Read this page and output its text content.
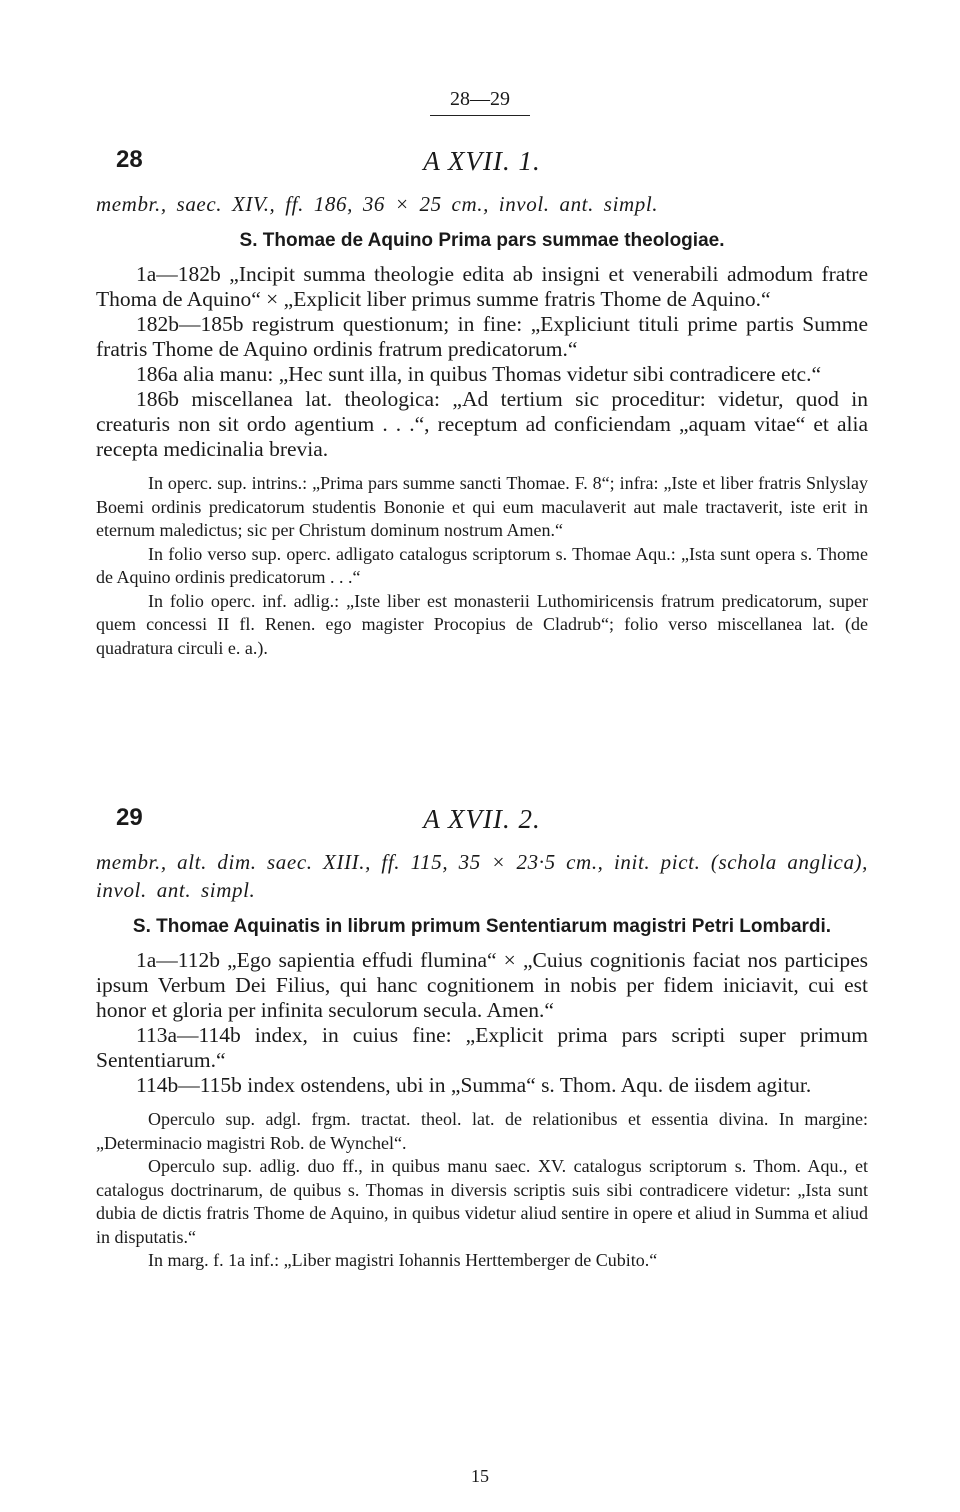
28—29
28	A XVII. 1.
membr., saec. XIV., ff. 186, 36 × 25 cm., invol. ant. simpl.
S. Thomae de Aquino Prima pars summae theologiae.

1a—182b „Incipit summa theologie edita ab insigni et venerabili admodum fratre Thoma de Aquino“ × „Explicit liber primus summe fratris Thome de Aquino.“

182b—185b registrum questionum; in fine: „Expliciunt tituli prime partis Summe fratris Thome de Aquino ordinis fratrum predicatorum.“

186a alia manu: „Hec sunt illa, in quibus Thomas videtur sibi contradicere etc.“

186b miscellanea lat. theologica: „Ad tertium sic proceditur: videtur, quod in creaturis non sit ordo agentium . . .“, receptum ad conficiendam „aquam vitae“ et alia recepta medicinalia brevia.

In operc. sup. intrins.: „Prima pars summe sancti Thomae. F. 8“; infra: „Iste et liber fratris Snlyslay Boemi ordinis predicatorum studentis Bononie et qui eum maculaverit aut male tractaverit, iste erit in eternum maledictus; sic per Christum dominum nostrum Amen.“

In folio verso sup. operc. adligato catalogus scriptorum s. Thomae Aqu.: „Ista sunt opera s. Thome de Aquino ordinis predicatorum . . .“

In folio operc. inf. adlig.: „Iste liber est monasterii Luthomiricensis fratrum predicatorum, super quem concessi II fl. Renen. ego magister Procopius de Cladrub“; folio verso miscellanea lat. (de quadratura circuli e. a.).

29	A XVII. 2.
membr., alt. dim. saec. XIII., ff. 115, 35 × 23·5 cm., init. pict. (schola anglica), invol. ant. simpl.
S. Thomae Aquinatis in librum primum Sententiarum magistri Petri Lombardi.

1a—112b „Ego sapientia effudi flumina“ × „Cuius cognitionis faciat nos participes ipsum Verbum Dei Filius, qui hanc cognitionem in nobis per fidem iniciavit, cui est honor et gloria per infinita seculorum secula. Amen.“

113a—114b index, in cuius fine: „Explicit prima pars scripti super primum Sententiarum.“

114b—115b index ostendens, ubi in „Summa“ s. Thom. Aqu. de iisdem agitur.

Operculo sup. adgl. frgm. tractat. theol. lat. de relationibus et essentia divina. In margine: „Determinacio magistri Rob. de Wynchel“.

Operculo sup. adlig. duo ff., in quibus manu saec. XV. catalogus scriptorum s. Thom. Aqu., et catalogus doctrinarum, de quibus s. Thomas in diversis scriptis suis sibi contradicere videtur: „Ista sunt dubia de dictis fratris Thome de Aquino, in quibus videtur aliud sentire in opere et aliud in Summa et aliud in disputatis.“

In marg. f. 1a inf.: „Liber magistri Iohannis Herttemberger de Cubito.“

15
